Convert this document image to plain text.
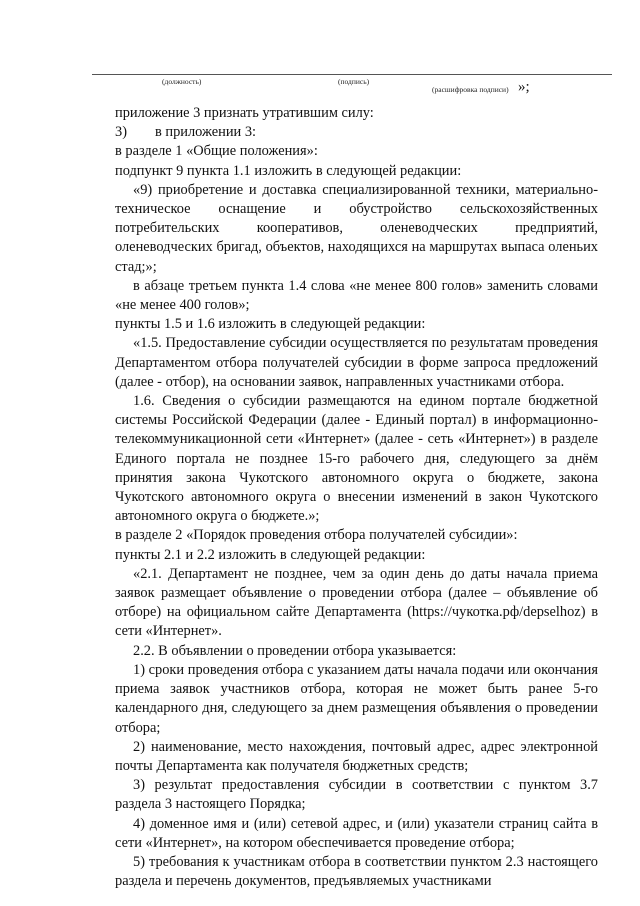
(должность)	(подпись)
(расшифровка подписи) »;

приложение 3 признать утратившим силу:

3) в приложении 3:

в разделе 1 «Общие положения»:

подпункт 9 пункта 1.1 изложить в следующей редакции:

«9) приобретение и доставка специализированной техники, материально-техническое оснащение и обустройство сельскохозяйственных потребительских кооперативов, оленеводческих предприятий, оленеводческих бригад, объектов, находящихся на маршрутах выпаса оленьих стад;»;

в абзаце третьем пункта 1.4 слова «не менее 800 голов» заменить словами «не менее 400 голов»;

пункты 1.5 и 1.6 изложить в следующей редакции:

«1.5. Предоставление субсидии осуществляется по результатам проведения Департаментом отбора получателей субсидии в форме запроса предложений (далее - отбор), на основании заявок, направленных участниками отбора.

1.6. Сведения о субсидии размещаются на едином портале бюджетной системы Российской Федерации (далее - Единый портал) в информационно-телекоммуникационной сети «Интернет» (далее - сеть «Интернет») в разделе Единого портала не позднее 15-го рабочего дня, следующего за днём принятия закона Чукотского автономного округа о бюджете, закона Чукотского автономного округа о внесении изменений в закон Чукотского автономного округа о бюджете.»;

в разделе 2 «Порядок проведения отбора получателей субсидии»:

пункты 2.1 и 2.2 изложить в следующей редакции:

«2.1. Департамент не позднее, чем за один день до даты начала приема заявок размещает объявление о проведении отбора (далее – объявление об отборе) на официальном сайте Департамента (https://чукотка.рф/depselhoz) в сети «Интернет».

2.2. В объявлении о проведении отбора указывается:

1) сроки проведения отбора с указанием даты начала подачи или окончания приема заявок участников отбора, которая не может быть ранее 5-го календарного дня, следующего за днем размещения объявления о проведении отбора;

2) наименование, место нахождения, почтовый адрес, адрес электронной почты Департамента как получателя бюджетных средств;

3) результат предоставления субсидии в соответствии с пунктом 3.7 раздела 3 настоящего Порядка;

4) доменное имя и (или) сетевой адрес, и (или) указатели страниц сайта в сети «Интернет», на котором обеспечивается проведение отбора;

5) требования к участникам отбора в соответствии пунктом 2.3 настоящего раздела и перечень документов, предъявляемых участниками
